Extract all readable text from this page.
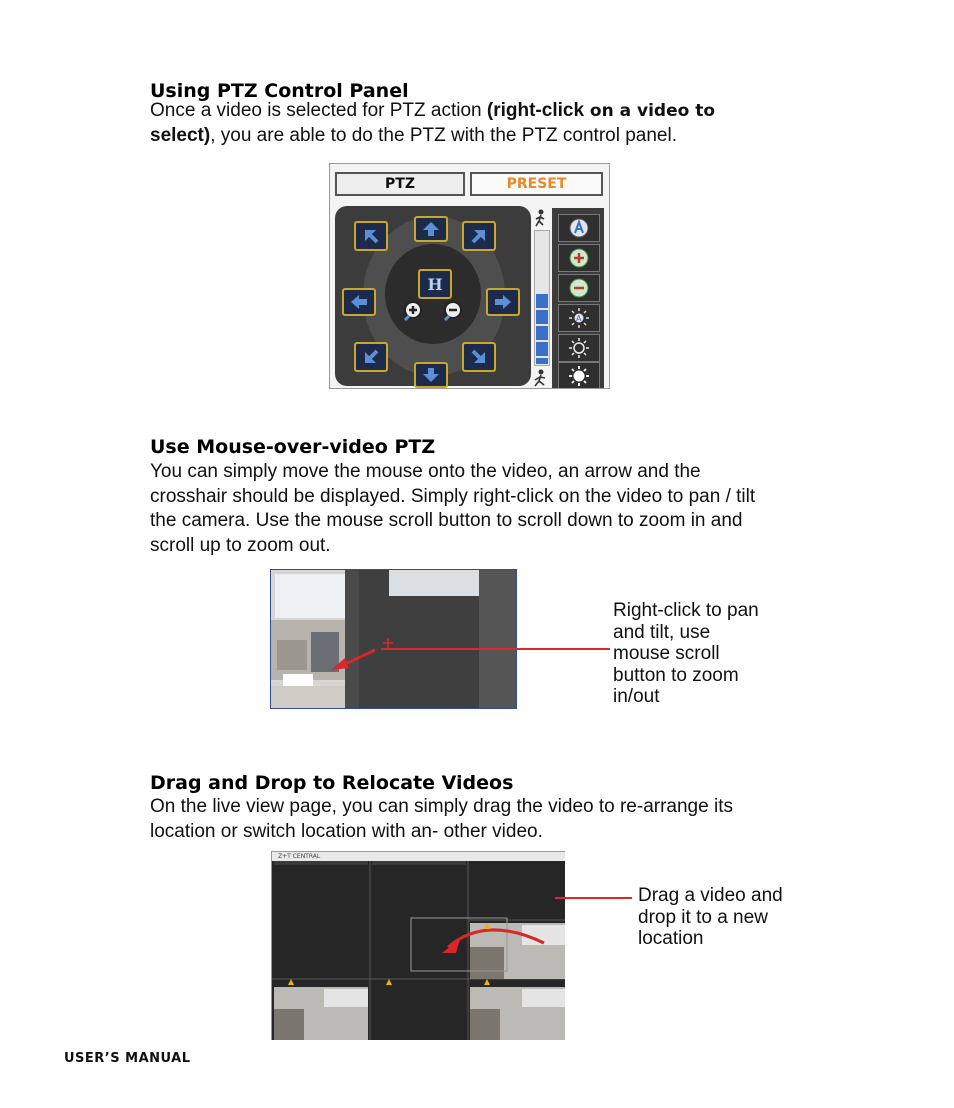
Using PTZ Control Panel
Once a video is selected for PTZ action (right-click on a video to
select), you are able to do the PTZ with the PTZ control panel.
PTZ	PRESET
H
A
Use Mouse-over-video PTZ
You can simply move the mouse onto the video, an arrow and the
crosshair should be displayed. Simply right-click on the video to pan / tilt
the camera. Use the mouse scroll button to scroll down to zoom in and
scroll up to zoom out.
Right-click to pan
and tilt, use
mouse scroll
button to zoom
in/out
Drag and Drop to Relocate Videos
On the live view page, you can simply drag the video to re-arrange its
location or switch location with an- other video.
Z+T CENTRAL
Drag a video and
drop it to a new
location
USER’S MANUAL
